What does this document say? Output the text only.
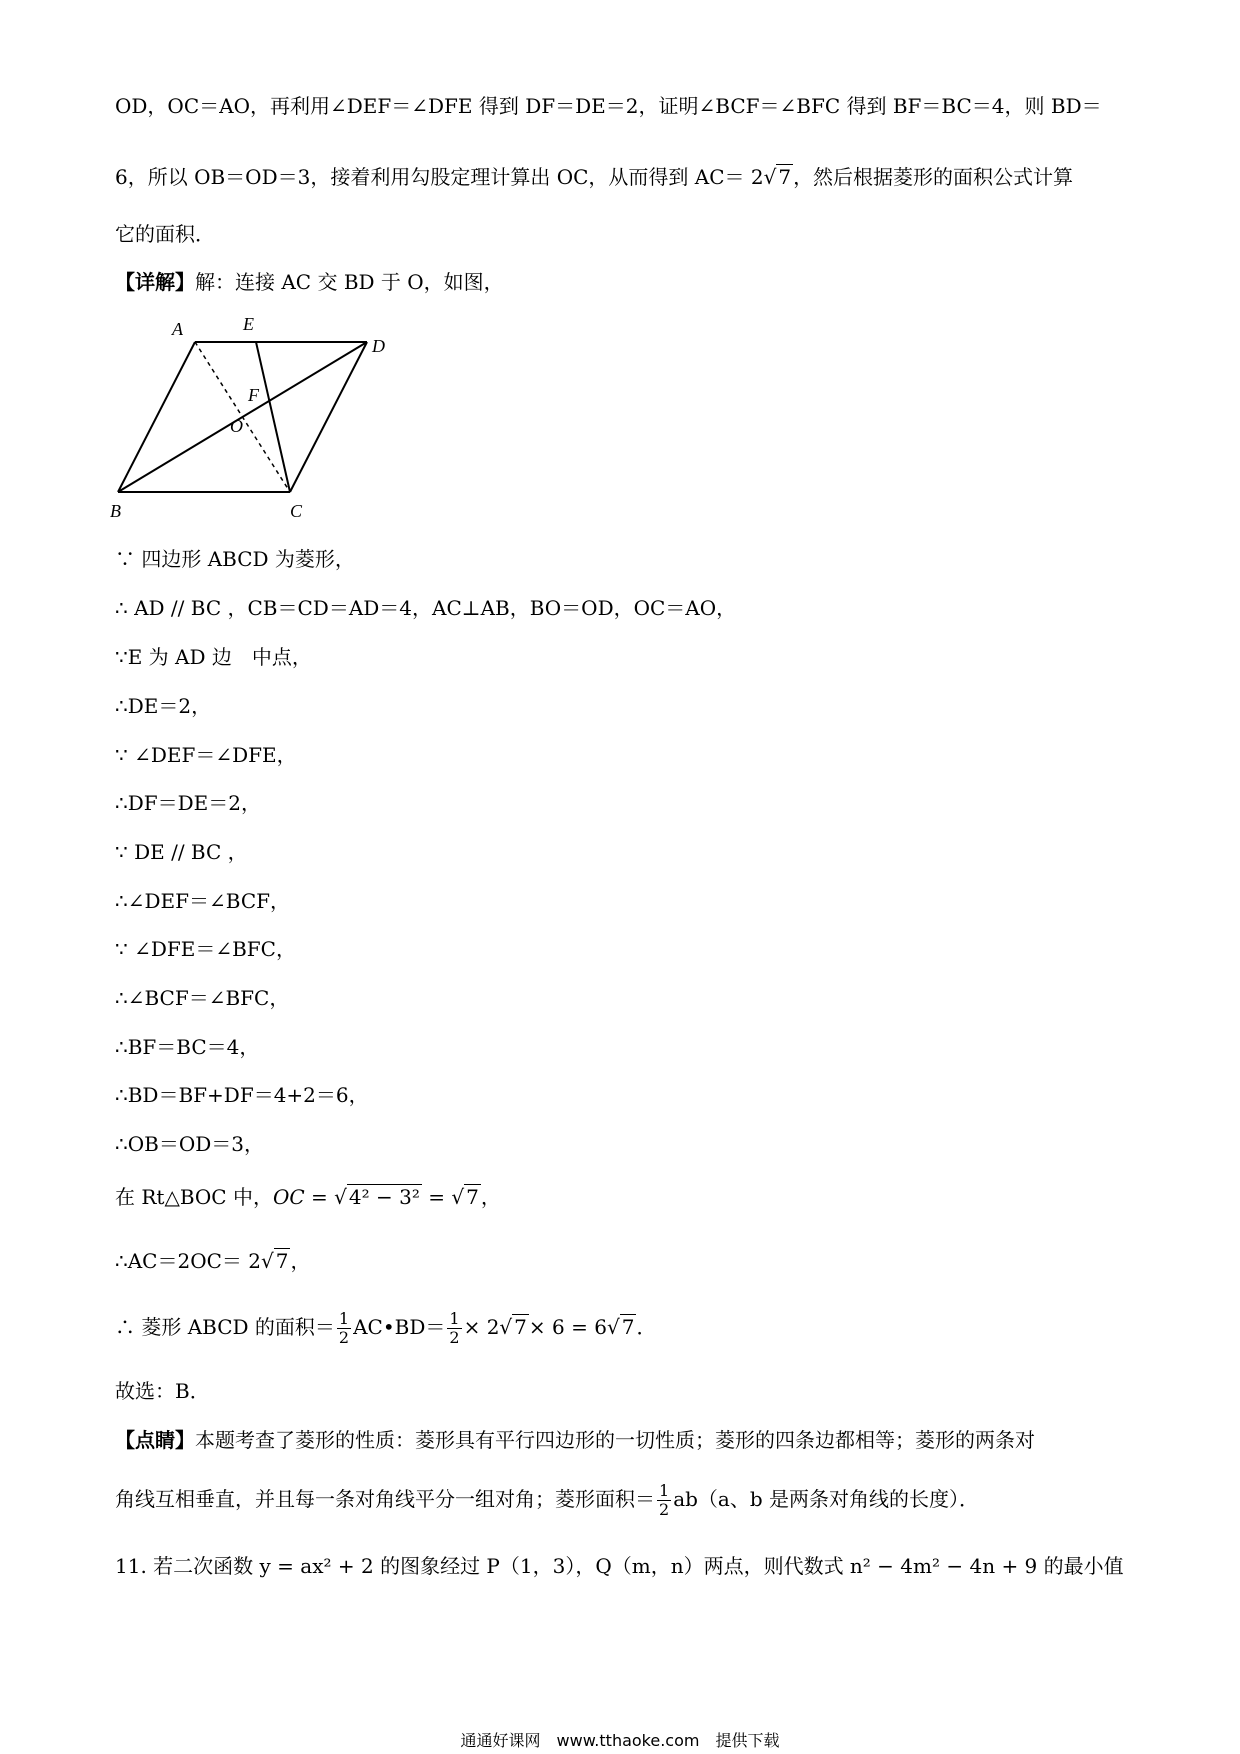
OD，OC＝AO，再利用∠DEF＝∠DFE 得到 DF＝DE＝2，证明∠BCF＝∠BFC 得到 BF＝BC＝4，则 BD＝
6，所以 OB＝OD＝3，接着利用勾股定理计算出 OC，从而得到 AC＝ 2√ 7 ，然后根据菱形的面积公式计算
它的面积．
【详解】解：连接 AC 交 BD 于 O，如图，
A	E
D
F
O
B	C
∵ 四边形 ABCD 为菱形，
∴ AD // BC ，CB＝CD＝AD＝4，AC⊥AB，BO＝OD，OC＝AO，
∵E 为 AD 边　中点，
∴DE＝2，
∵ ∠DEF＝∠DFE，
∴DF＝DE＝2，
∵ DE // BC ，
∴∠DEF＝∠BCF，
∵ ∠DFE＝∠BFC，
∴∠BCF＝∠BFC，
∴BF＝BC＝4，
∴BD＝BF+DF＝4+2＝6，
∴OB＝OD＝3，
在 Rt△BOC 中，OC = √ 4² − 3² = √ 7 ，
∴AC＝2OC＝ 2√ 7 ，
∴ 菱形 ABCD 的面积＝ $\frac{1}{2}$ AC•BD＝ $\frac{1}{2} \times 2√$ 7 × 6 = 6√ 7 ．
故选：B．
【点睛】本题考查了菱形的性质：菱形具有平行四边形的一切性质；菱形的四条边都相等；菱形的两条对
角线互相垂直，并且每一条对角线平分一组对角；菱形面积＝ $\frac{1}{2} ab(a$、b 是两条对角线的长度）．
11. 若二次函数 y = ax² + 2 的图象经过 P（1，3），Q（m，n）两点，则代数式 n² − 4m² − 4n + 9 的最小值
通通好课网　www.tthaoke.com　提供下载
